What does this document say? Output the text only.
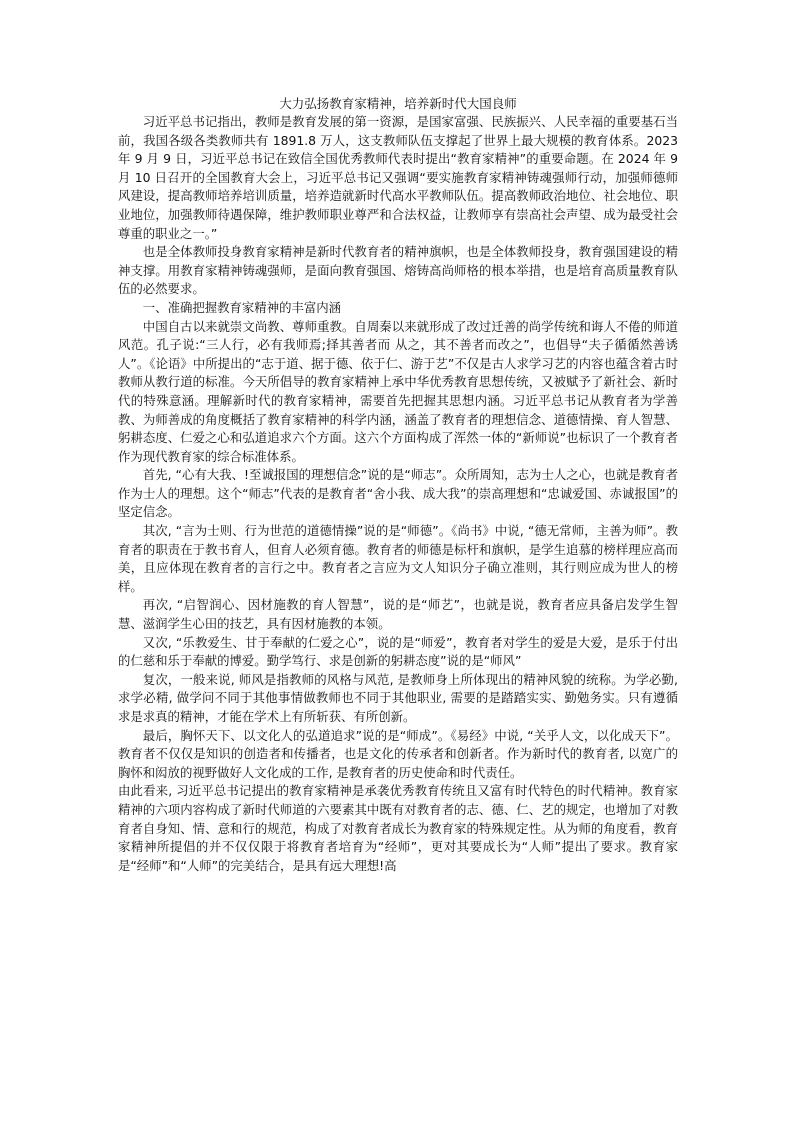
大力弘扬教育家精神，培养新时代大国良师

习近平总书记指出，教师是教育发展的第一资源，是国家富强、民族振兴、人民幸福的重要基石当前，我国各级各类教师共有 1891.8 万人，这支教师队伍支撑起了世界上最大规模的教育体系。2023 年 9 月 9 日，习近平总书记在致信全国优秀教师代表时提出“教育家精神”的重要命题。在 2024 年 9 月 10 日召开的全国教育大会上，习近平总书记又强调“要实施教育家精神铸魂强师行动，加强师德师风建设，提高教师培养培训质量，培养造就新时代高水平教师队伍。提高教师政治地位、社会地位、职业地位，加强教师待遇保障，维护教师职业尊严和合法权益，让教师享有崇高社会声望、成为最受社会尊重的职业之一。”

也是全体教师投身教育家精神是新时代教育者的精神旗帜，也是全体教师投身，教育强国建设的精神支撑。用教育家精神铸魂强师，是面向教育强国、熔铸高尚师格的根本举措，也是培育高质量教育队伍的必然要求。

一、准确把握教育家精神的丰富内涵

中国自古以来就崇文尚教、尊师重教。自周秦以来就形成了改过迁善的尚学传统和诲人不倦的师道风范。孔子说:“三人行，必有我师焉;择其善者而 从之，其不善者而改之”，也倡导“夫子循循然善诱人”。《论语》中所提出的“志于道、据于德、依于仁、游于艺”不仅是古人求学习艺的内容也蕴含着古时教师从教行道的标准。今天所倡导的教育家精神上承中华优秀教育思想传统，又被赋予了新社会、新时代的特殊意涵。理解新时代的教育家精神，需要首先把握其思想内涵。习近平总书记从教育者为学善教、为师善成的角度概括了教育家精神的科学内涵，涵盖了教育者的理想信念、道德情操、育人智慧、躬耕态度、仁爱之心和弘道追求六个方面。这六个方面构成了浑然一体的“新师说”也标识了一个教育者作为现代教育家的综合标准体系。

首先, “心有大我、!至诚报国的理想信念”说的是“师志”。众所周知，志为士人之心，也就是教育者作为士人的理想。这个“师志”代表的是教育者“舍小我、成大我”的崇高理想和“忠诚爱国、赤诚报国”的坚定信念。

其次, “言为士则、行为世范的道德情操”说的是“师德”。《尚书》中说, “德无常师，主善为师”。教育者的职责在于教书育人，但育人必须育德。教育者的师德是标杆和旗帜，是学生追慕的榜样理应高而美，且应体现在教育者的言行之中。教育者之言应为文人知识分子确立准则，其行则应成为世人的榜样。

再次, “启智润心、因材施教的育人智慧”，说的是“师艺”，也就是说，教育者应具备启发学生智慧、滋润学生心田的技艺，具有因材施教的本领。

又次, “乐教爱生、甘于奉献的仁爱之心”，说的是“师爱”，教育者对学生的爱是大爱，是乐于付出的仁慈和乐于奉献的博爱。勤学笃行、求是创新的躬耕态度”说的是“师风”

复次，一般来说, 师风是指教师的风格与风范, 是教师身上所体现出的精神风貌的统称。为学必勤, 求学必精, 做学问不同于其他事情做教师也不同于其他职业, 需要的是踏踏实实、勤勉务实。只有遵循求是求真的精神，才能在学术上有所斩获、有所创新。

最后，胸怀天下、以文化人的弘道追求”说的是“师成”。《易经》中说, “关乎人文，以化成天下”。教育者不仅仅是知识的创造者和传播者，也是文化的传承者和创新者。作为新时代的教育者, 以宽广的胸怀和闳放的视野做好人文化成的工作, 是教育者的历史使命和时代责任。

由此看来, 习近平总书记提出的教育家精神是承袭优秀教育传统且又富有时代特色的时代精神。教育家精神的六项内容构成了新时代师道的六要素其中既有对教育者的志、德、仁、艺的规定，也增加了对教育者自身知、情、意和行的规范，构成了对教育者成长为教育家的特殊规定性。从为师的角度看，教育家精神所提倡的并不仅仅限于将教育者培育为“经师”，更对其要成长为“人师”提出了要求。教育家是“经师”和“人师”的完美结合，是具有远大理想!高
